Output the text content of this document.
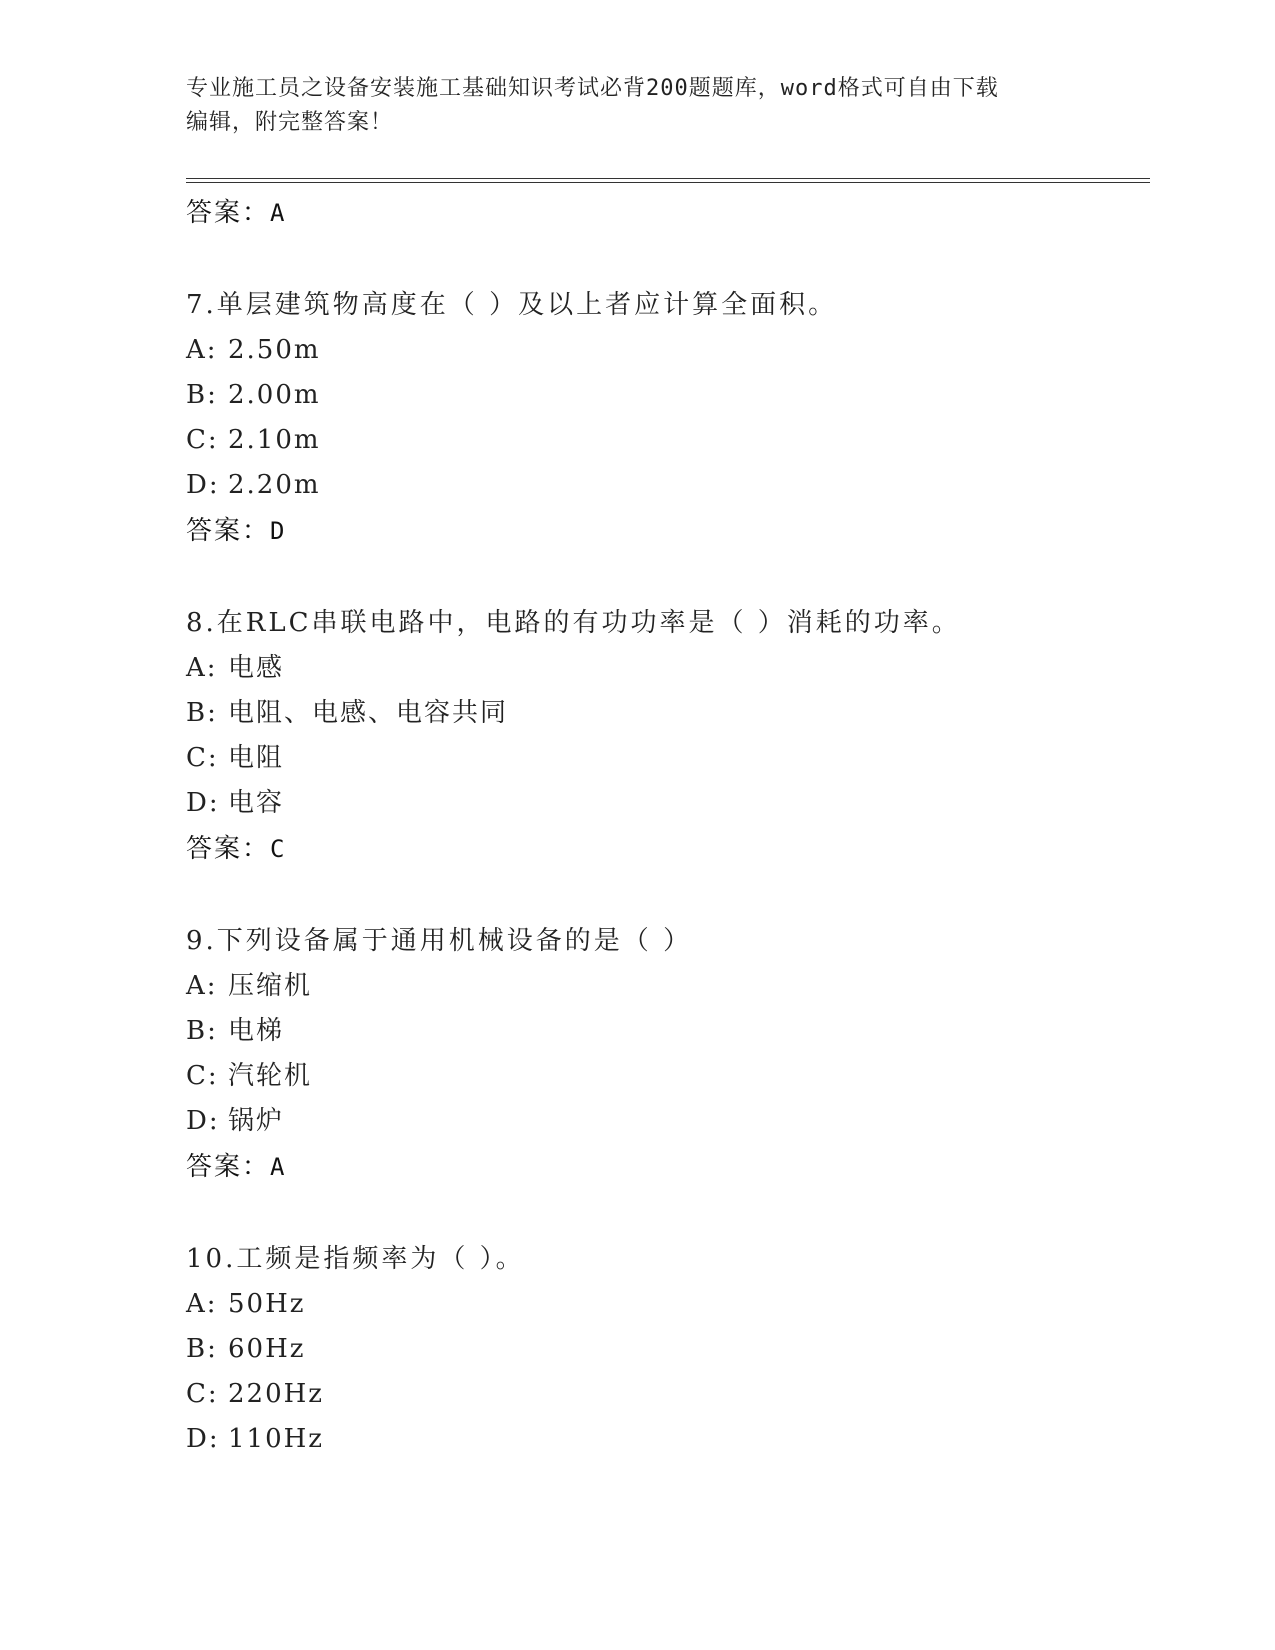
专业施工员之设备安装施工基础知识考试必背200题题库，word格式可自由下载
编辑，附完整答案！
答案：A
7.单层建筑物高度在（ ）及以上者应计算全面积。
A: 2.50m
B: 2.00m
C: 2.10m
D: 2.20m
答案：D
8.在RLC串联电路中，电路的有功功率是（ ）消耗的功率。
A: 电感
B: 电阻、电感、电容共同
C: 电阻
D: 电容
答案：C
9.下列设备属于通用机械设备的是（ ）
A: 压缩机
B: 电梯
C: 汽轮机
D: 锅炉
答案：A
10.工频是指频率为（ ）。
A: 50Hz
B: 60Hz
C: 220Hz
D: 110Hz
